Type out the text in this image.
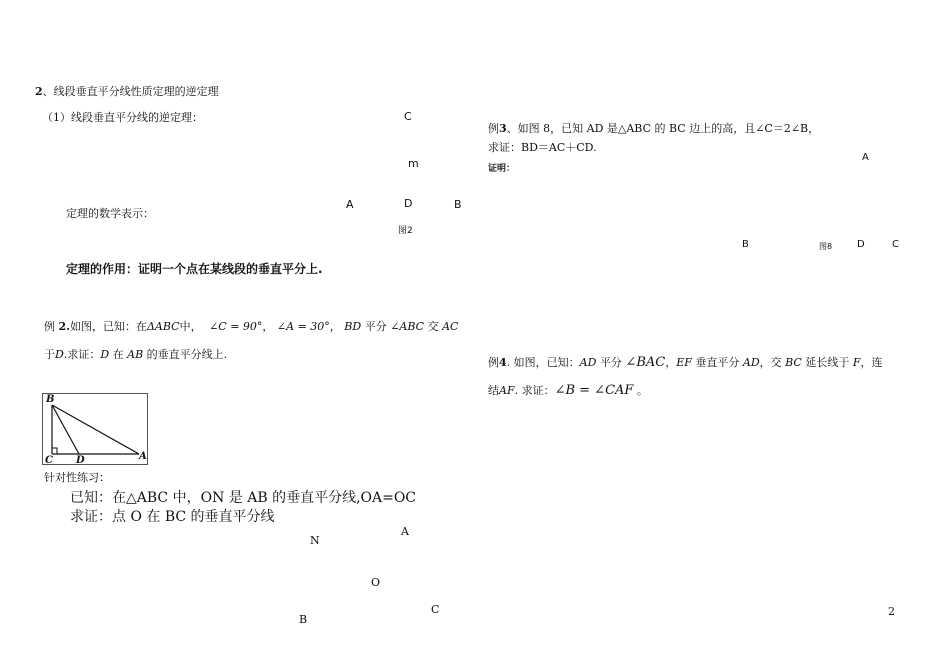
2、线段垂直平分线性质定理的逆定理
（1）线段垂直平分线的逆定理：	C
m
A	D	B
图2
定理的数学表示：
定理的作用：证明一个点在某线段的垂直平分上.
例 2.如图，已知：在ΔABC中， ∠C = 90°， ∠A = 30°， BD 平分 ∠ABC 交 AC
于D.求证：D 在 AB 的垂直平分线上.
B
C D	A
针对性练习：
已知：在△ABC 中，ON 是 AB 的垂直平分线,OA=OC
求证：点 O 在 BC 的垂直平分线
A
N
O
C
B
例3、如图 8，已知 AD 是△ABC 的 BC 边上的高，且∠C＝2∠B，
求证：BD＝AC＋CD.
证明：
A
B	图8 D	C
例4. 如图，已知：AD 平分 ∠BAC，EF 垂直平分 AD，交 BC 延长线于 F，连
结AF. 求证：∠B = ∠CAF 。
2
